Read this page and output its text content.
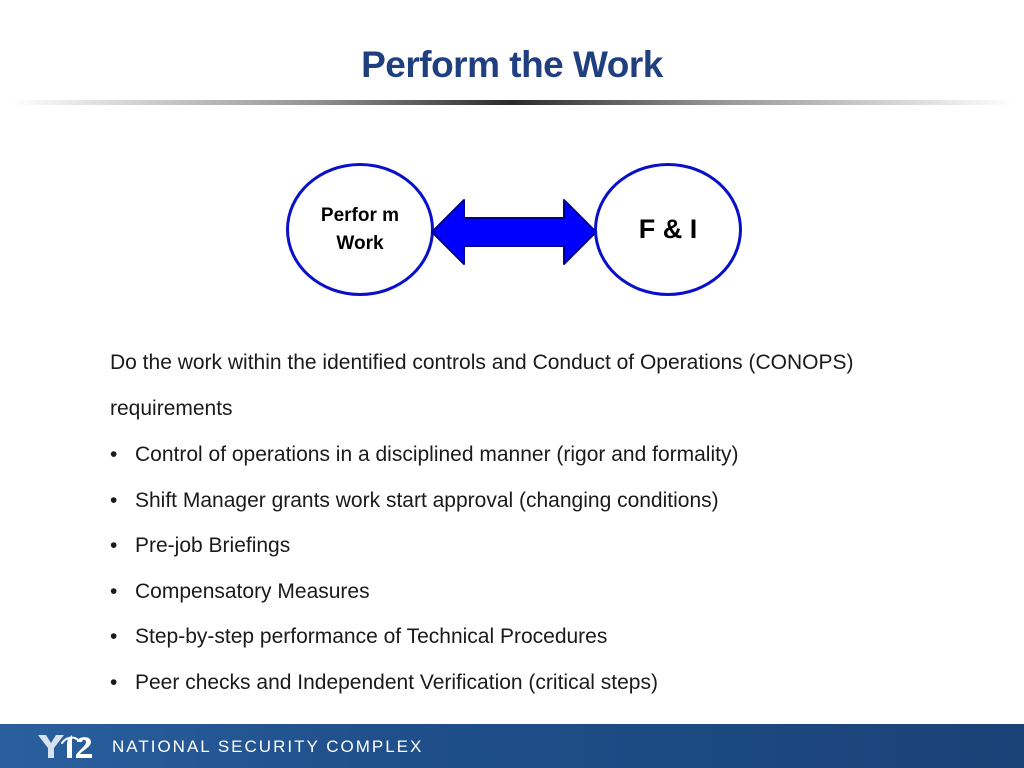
Perform the Work
Perfor m Work	F & I

Do the work within the identified controls and Conduct of Operations (CONOPS) requirements

• Control of operations in a disciplined manner (rigor and formality)
• Shift Manager grants work start approval (changing conditions)
• Pre-job Briefings
• Compensatory Measures
• Step-by-step performance of Technical Procedures
• Peer checks and Independent Verification (critical steps)
NATIONAL SECURITY COMPLEX
